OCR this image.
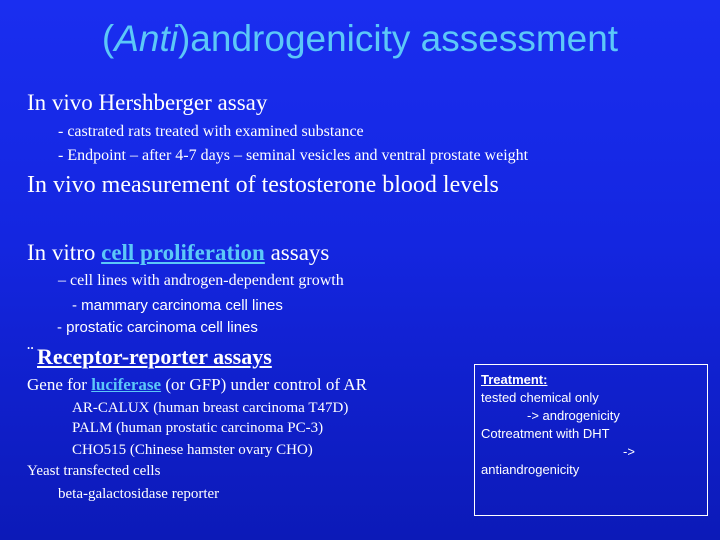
(Anti)androgenicity assessment
In vivo Hershberger assay
- castrated rats treated with examined substance
- Endpoint – after 4-7 days – seminal vesicles and ventral prostate weight
In vivo measurement of testosterone blood levels
In vitro cell proliferation assays
– cell lines with androgen-dependent growth
- mammary carcinoma cell lines
- prostatic carcinoma cell lines
¨ Receptor-reporter assays
Gene for luciferase (or GFP) under control of AR
AR-CALUX (human breast carcinoma T47D)
PALM (human prostatic carcinoma PC-3)
CHO515 (Chinese hamster ovary CHO)
Yeast transfected cells
beta-galactosidase reporter
Treatment:
tested chemical only
-> androgenicity
Cotreatment with DHT
->
antiandrogenicity
